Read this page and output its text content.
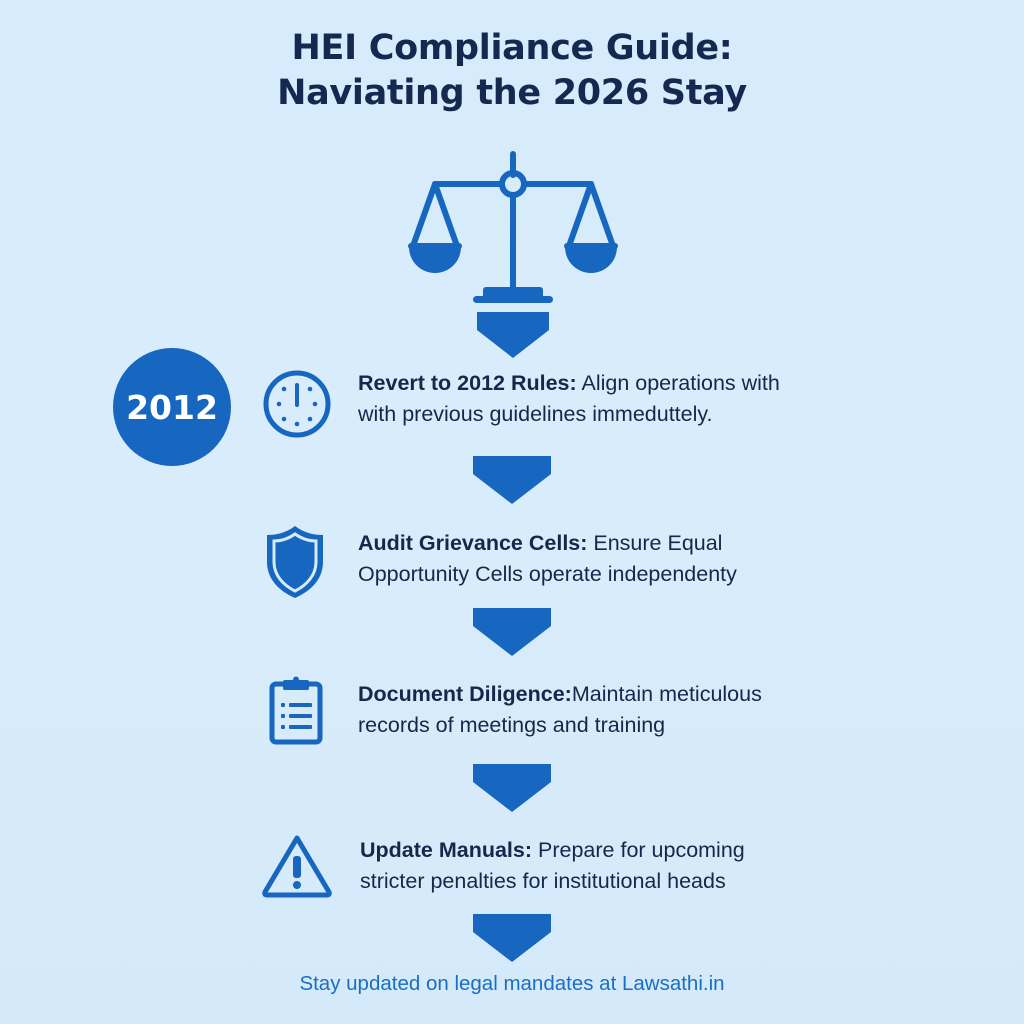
HEI Compliance Guide:
Naviating the 2026 Stay
2012
Revert to 2012 Rules: Align operations with
with previous guidelines immeduttely.
Audit Grievance Cells: Ensure Equal
Opportunity Cells operate independenty
Document Diligence:Maintain meticulous
records of meetings and training
Update Manuals: Prepare for upcoming
stricter penalties for institutional heads
Stay updated on legal mandates at Lawsathi.in
